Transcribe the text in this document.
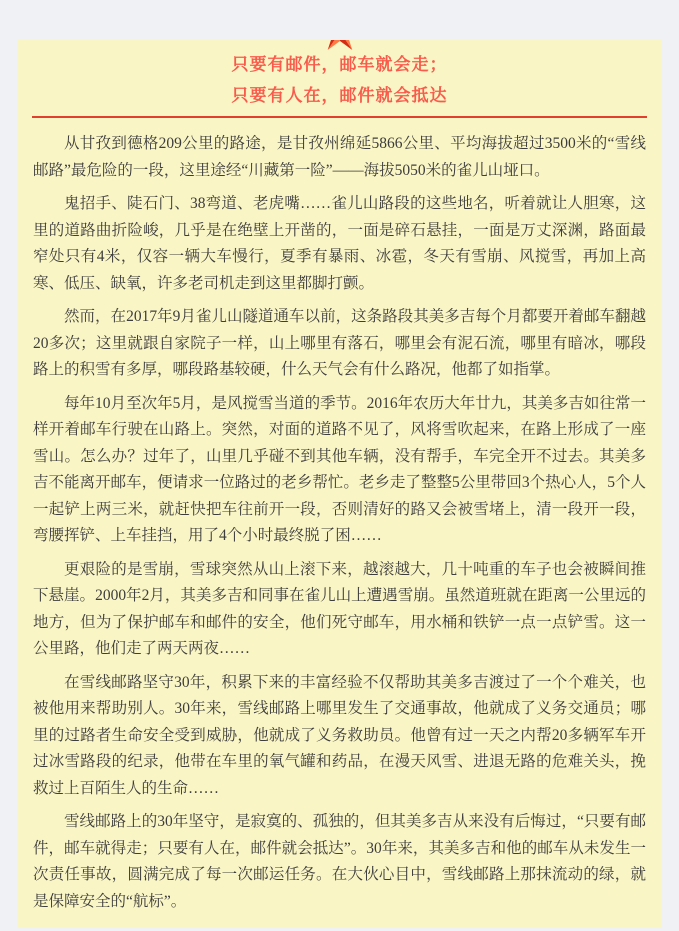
只要有邮件，邮车就会走；

只要有人在，邮件就会抵达

从甘孜到德格209公里的路途，是甘孜州绵延5866公里、平均海拔超过3500米的“雪线邮路”最危险的一段，这里途经“川藏第一险”——海拔5050米的雀儿山垭口。

鬼招手、陡石门、38弯道、老虎嘴……雀儿山路段的这些地名，听着就让人胆寒，这里的道路曲折险峻，几乎是在绝壁上开凿的，一面是碎石悬挂，一面是万丈深渊，路面最窄处只有4米，仅容一辆大车慢行，夏季有暴雨、冰雹，冬天有雪崩、风搅雪，再加上高寒、低压、缺氧，许多老司机走到这里都脚打颤。

然而，在2017年9月雀儿山隧道通车以前，这条路段其美多吉每个月都要开着邮车翻越20多次；这里就跟自家院子一样，山上哪里有落石，哪里会有泥石流，哪里有暗冰，哪段路上的积雪有多厚，哪段路基较硬，什么天气会有什么路况，他都了如指掌。

每年10月至次年5月，是风搅雪当道的季节。2016年农历大年廿九，其美多吉如往常一样开着邮车行驶在山路上。突然，对面的道路不见了，风将雪吹起来，在路上形成了一座雪山。怎么办？过年了，山里几乎碰不到其他车辆，没有帮手，车完全开不过去。其美多吉不能离开邮车，便请求一位路过的老乡帮忙。老乡走了整整5公里带回3个热心人，5个人一起铲上两三米，就赶快把车往前开一段，否则清好的路又会被雪堵上，清一段开一段，弯腰挥铲、上车挂挡，用了4个小时最终脱了困……

更艰险的是雪崩，雪球突然从山上滚下来，越滚越大，几十吨重的车子也会被瞬间推下悬崖。2000年2月，其美多吉和同事在雀儿山上遭遇雪崩。虽然道班就在距离一公里远的地方，但为了保护邮车和邮件的安全，他们死守邮车，用水桶和铁铲一点一点铲雪。这一公里路，他们走了两天两夜……

在雪线邮路坚守30年，积累下来的丰富经验不仅帮助其美多吉渡过了一个个难关，也被他用来帮助别人。30年来，雪线邮路上哪里发生了交通事故，他就成了义务交通员；哪里的过路者生命安全受到威胁，他就成了义务救助员。他曾有过一天之内帮20多辆军车开过冰雪路段的纪录，他带在车里的氧气罐和药品，在漫天风雪、进退无路的危难关头，挽救过上百陌生人的生命……

雪线邮路上的30年坚守，是寂寞的、孤独的，但其美多吉从来没有后悔过，“只要有邮件，邮车就得走；只要有人在，邮件就会抵达”。30年来，其美多吉和他的邮车从未发生一次责任事故，圆满完成了每一次邮运任务。在大伙心目中，雪线邮路上那抹流动的绿，就是保障安全的“航标”。
